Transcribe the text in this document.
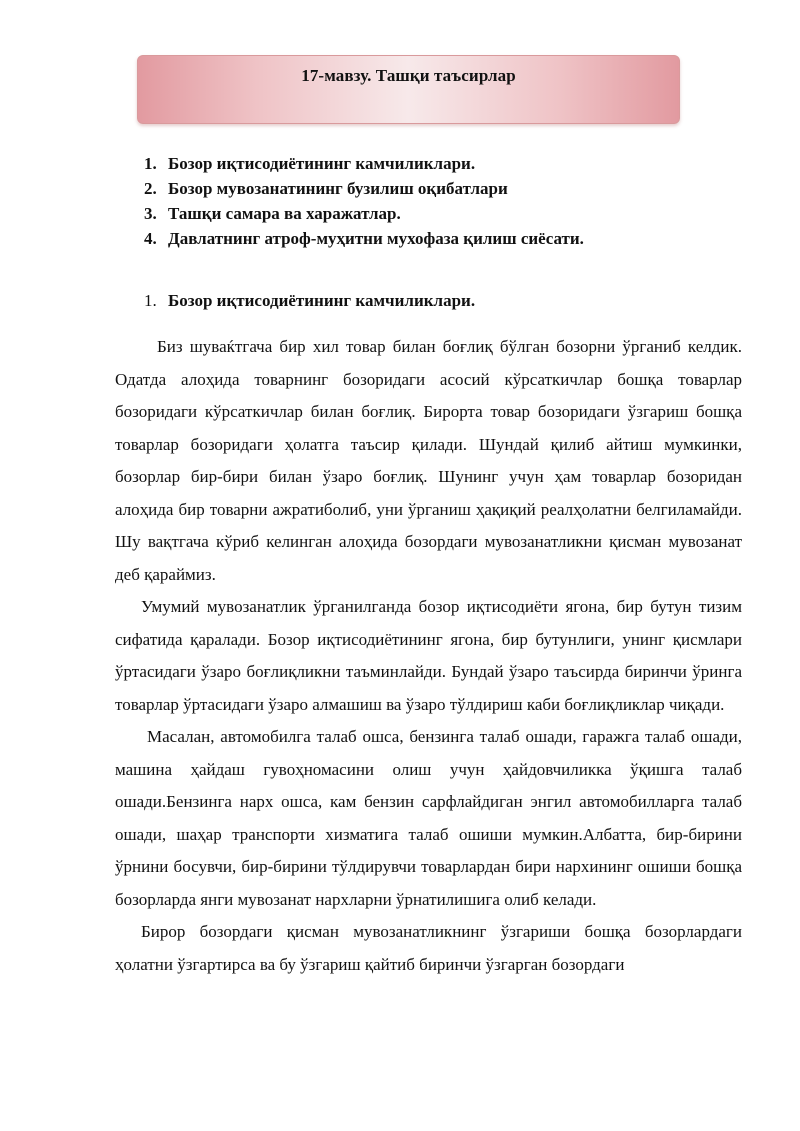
17-мавзу. Ташқи таъсирлар
1. Бозор иқтисодиётининг камчиликлари.
2. Бозор мувозанатининг бузилиш оқибатлари
3. Ташқи самара ва харажатлар.
4. Давлатнинг атроф-муҳитни мухофаза қилиш сиёсати.
1. Бозор иқтисодиётининг камчиликлари.

Биз шуваќтгача бир хил товар билан боғлиқ бўлган бозорни ўрганиб келдик. Одатда алоҳида товарнинг бозоридаги асосий кўрсаткичлар бошқа товарлар бозоридаги кўрсаткичлар билан боғлиқ. Бирорта товар бозоридаги ўзгариш бошқа товарлар бозоридаги ҳолатга таъсир қилади. Шундай қилиб айтиш мумкинки, бозорлар бир-бири билан ўзаро боғлиқ. Шунинг учун ҳам товарлар бозоридан алоҳида бир товарни ажратиболиб, уни ўрганиш ҳақиқий реалҳолатни белгиламайди. Шу вақтгача кўриб келинган алоҳида бозордаги мувозанатликни қисман мувозанат деб қараймиз.

Умумий мувозанатлик ўрганилганда бозор иқтисодиёти ягона, бир бутун тизим сифатида қаралади. Бозор иқтисодиётининг ягона, бир бутунлиги, унинг қисмлари ўртасидаги ўзаро боғлиқликни таъминлайди. Бундай ўзаро таъсирда биринчи ўринга товарлар ўртасидаги ўзаро алмашиш ва ўзаро тўлдириш каби боғлиқликлар чиқади.

Масалан, автомобилга талаб ошса, бензинга талаб ошади, гаражга талаб ошади, машина ҳайдаш гувоҳномасини олиш учун ҳайдовчиликка ўқишга талаб ошади.Бензинга нарх ошса, кам бензин сарфлайдиган энгил автомобилларга талаб ошади, шаҳар транспорти хизматига талаб ошиши мумкин.Албатта, бир-бирини ўрнини босувчи, бир-бирини тўлдирувчи товарлардан бири нархининг ошиши бошқа бозорларда янги мувозанат нархларни ўрнатилишига олиб келади.

Бирор бозордаги қисман мувозанатликнинг ўзгариши бошқа бозорлардаги ҳолатни ўзгартирса ва бу ўзгариш қайтиб биринчи ўзгарган бозордаги
